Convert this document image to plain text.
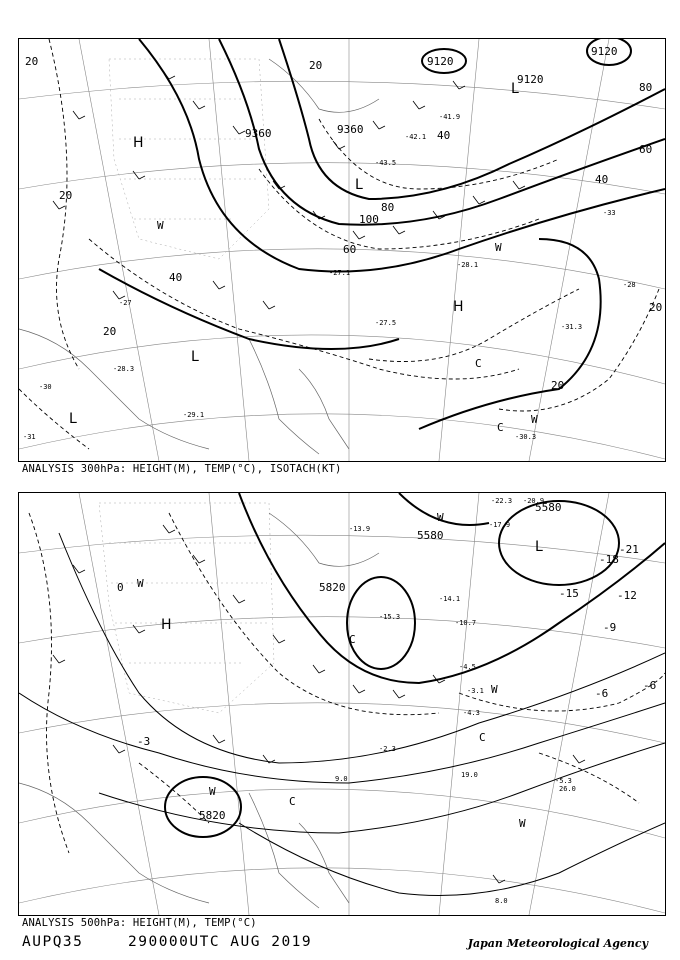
9120
9120
9120
9360	9360
20	20
40
40
60
60
80
80
100
20
40
20
20
20
H
H
L
L
L
L
W
W
W
C
C
-27.5
-28.1
-27.1
-29.1
-30.3
-31.3
-28.3
-42.1
-41.9
-43.5
-33
-28
-27
-30
-31
ANALYSIS 300hPa: HEIGHT(M), TEMP(°C), ISOTACH(KT)
5580
5580
5820
5820
-18
-15	-12
-9
-6
-6
-3
0
-21
H
L
C
C
C
W
W
W
W
W
-15.3
-14.1
-10.7
-4.5
-3.1
-5.3
-4.3
-22.3 -20.9
-17.9
-13.9
-2.3
9.0
26.0
19.0
8.0
ANALYSIS 500hPa: HEIGHT(M), TEMP(°C)
AUPQ35	290000UTC AUG 2019	Japan Meteorological Agency
